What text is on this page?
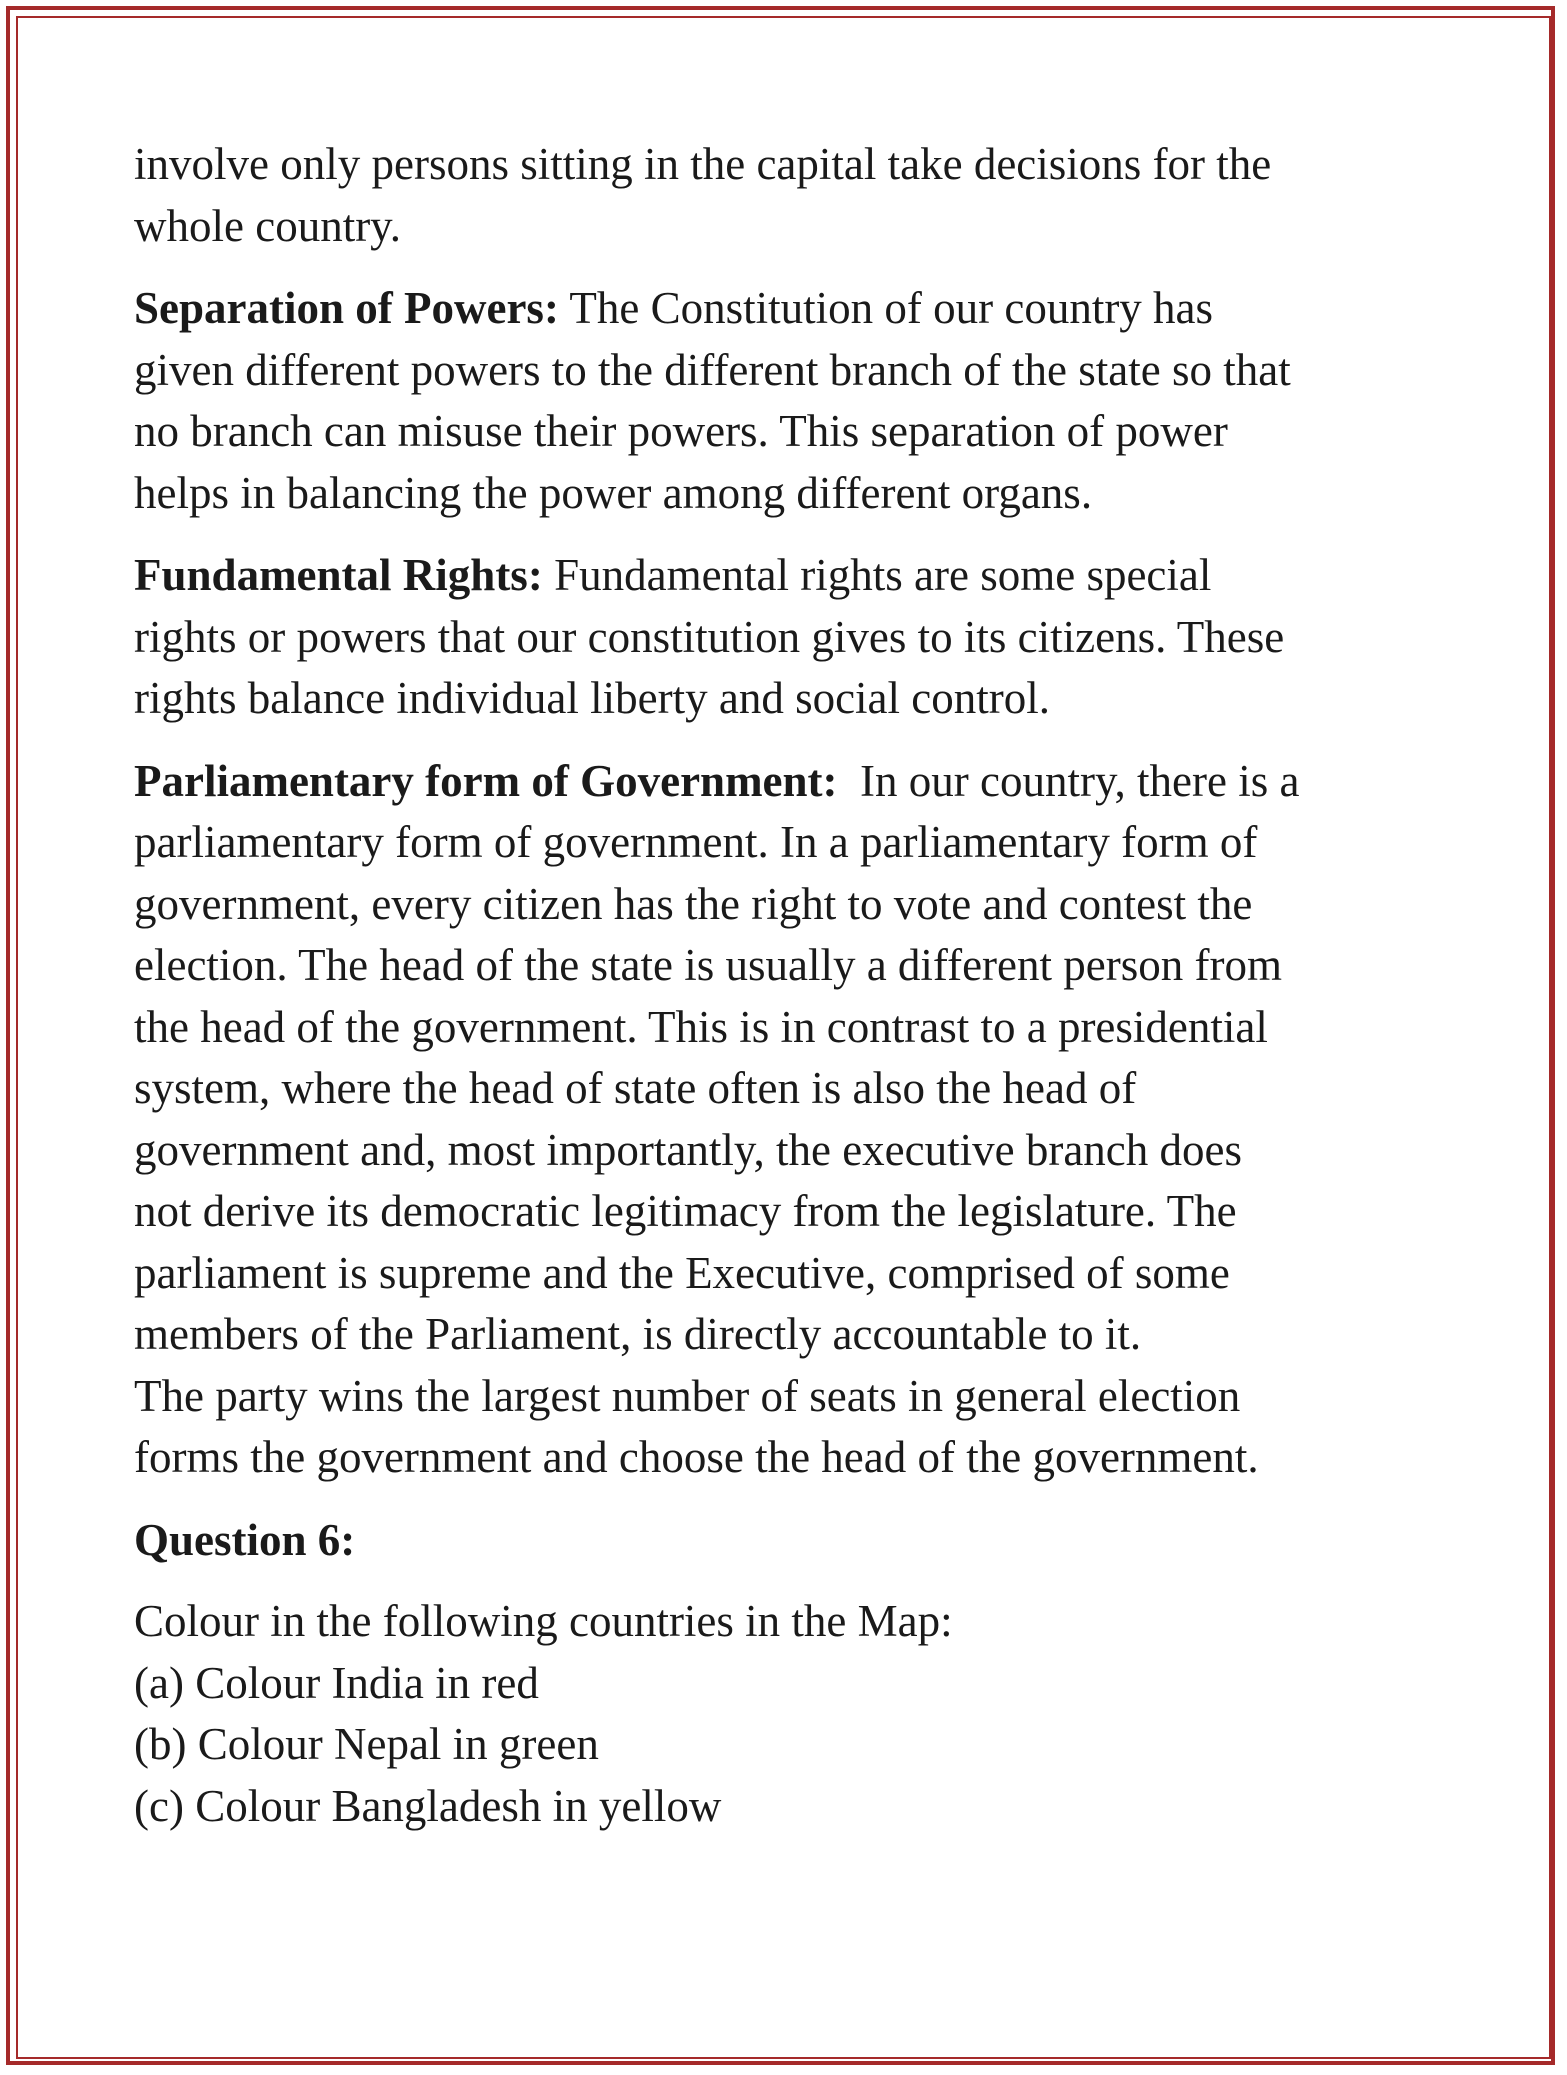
involve only persons sitting in the capital take decisions for the
whole country.

Separation of Powers: The Constitution of our country has
given different powers to the different branch of the state so that
no branch can misuse their powers. This separation of power
helps in balancing the power among different organs.

Fundamental Rights: Fundamental rights are some special
rights or powers that our constitution gives to its citizens. These
rights balance individual liberty and social control.

Parliamentary form of Government: In our country, there is a
parliamentary form of government. In a parliamentary form of
government, every citizen has the right to vote and contest the
election. The head of the state is usually a different person from
the head of the government. This is in contrast to a presidential
system, where the head of state often is also the head of
government and, most importantly, the executive branch does
not derive its democratic legitimacy from the legislature. The
parliament is supreme and the Executive, comprised of some
members of the Parliament, is directly accountable to it.
The party wins the largest number of seats in general election
forms the government and choose the head of the government.

Question 6:

Colour in the following countries in the Map:
(a) Colour India in red
(b) Colour Nepal in green
(c) Colour Bangladesh in yellow
